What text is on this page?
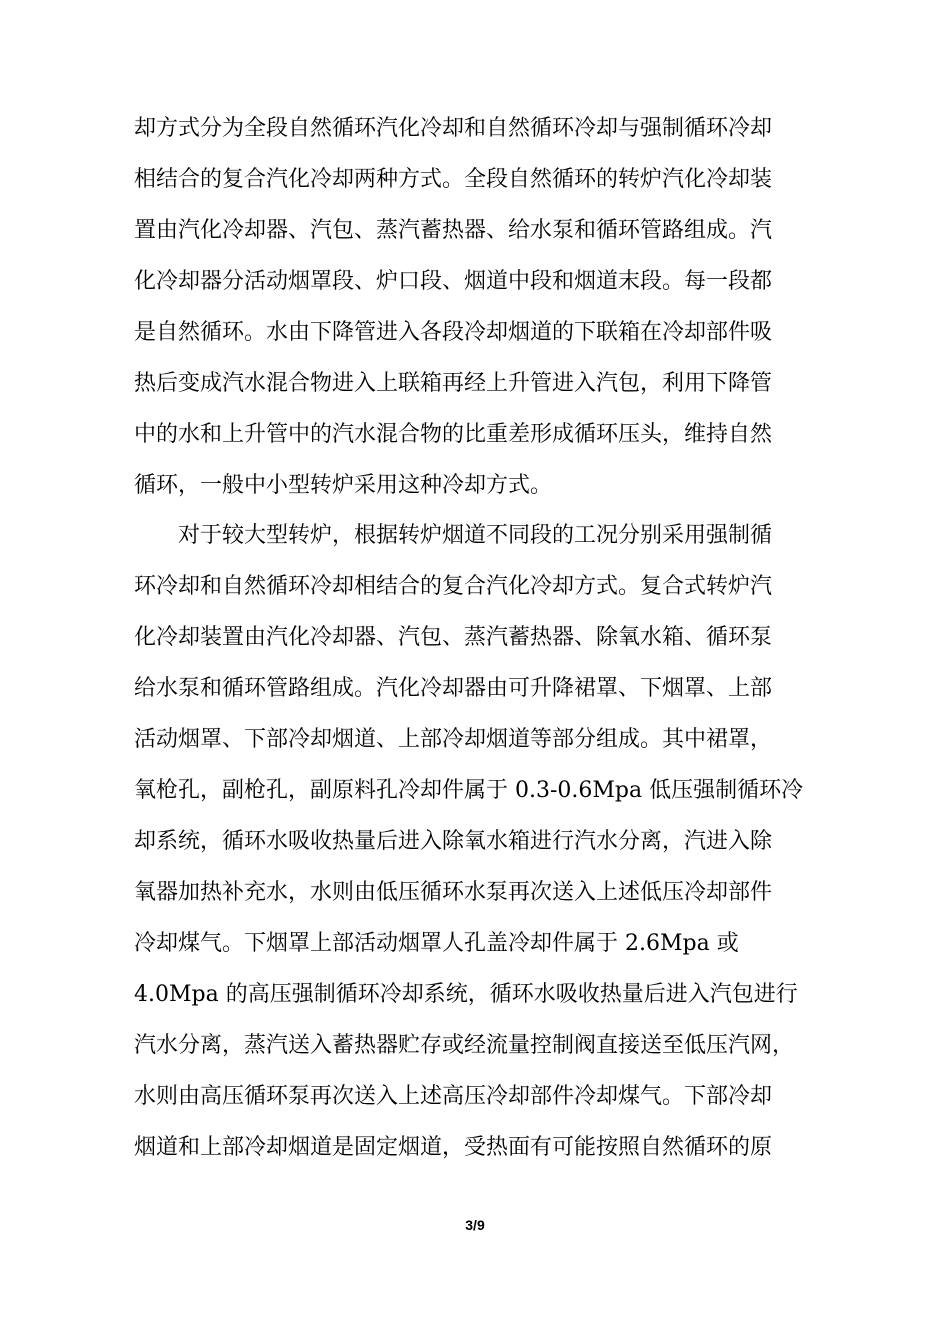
却方式分为全段自然循环汽化冷却和自然循环冷却与强制循环冷却
相结合的复合汽化冷却两种方式。全段自然循环的转炉汽化冷却装
置由汽化冷却器、汽包、蒸汽蓄热器、给水泵和循环管路组成。汽
化冷却器分活动烟罩段、炉口段、烟道中段和烟道末段。每一段都
是自然循环。水由下降管进入各段冷却烟道的下联箱在冷却部件吸
热后变成汽水混合物进入上联箱再经上升管进入汽包，利用下降管
中的水和上升管中的汽水混合物的比重差形成循环压头，维持自然
循环，一般中小型转炉采用这种冷却方式。
对于较大型转炉，根据转炉烟道不同段的工况分别采用强制循
环冷却和自然循环冷却相结合的复合汽化冷却方式。复合式转炉汽
化冷却装置由汽化冷却器、汽包、蒸汽蓄热器、除氧水箱、循环泵
给水泵和循环管路组成。汽化冷却器由可升降裙罩、下烟罩、上部
活动烟罩、下部冷却烟道、上部冷却烟道等部分组成。其中裙罩，
氧枪孔，副枪孔，副原料孔冷却件属于 0.3-0.6Mpa 低压强制循环冷
却系统，循环水吸收热量后进入除氧水箱进行汽水分离，汽进入除
氧器加热补充水，水则由低压循环水泵再次送入上述低压冷却部件
冷却煤气。下烟罩上部活动烟罩人孔盖冷却件属于 2.6Mpa 或
4.0Mpa 的高压强制循环冷却系统，循环水吸收热量后进入汽包进行
汽水分离，蒸汽送入蓄热器贮存或经流量控制阀直接送至低压汽网，
水则由高压循环泵再次送入上述高压冷却部件冷却煤气。下部冷却
烟道和上部冷却烟道是固定烟道，受热面有可能按照自然循环的原
3/9
